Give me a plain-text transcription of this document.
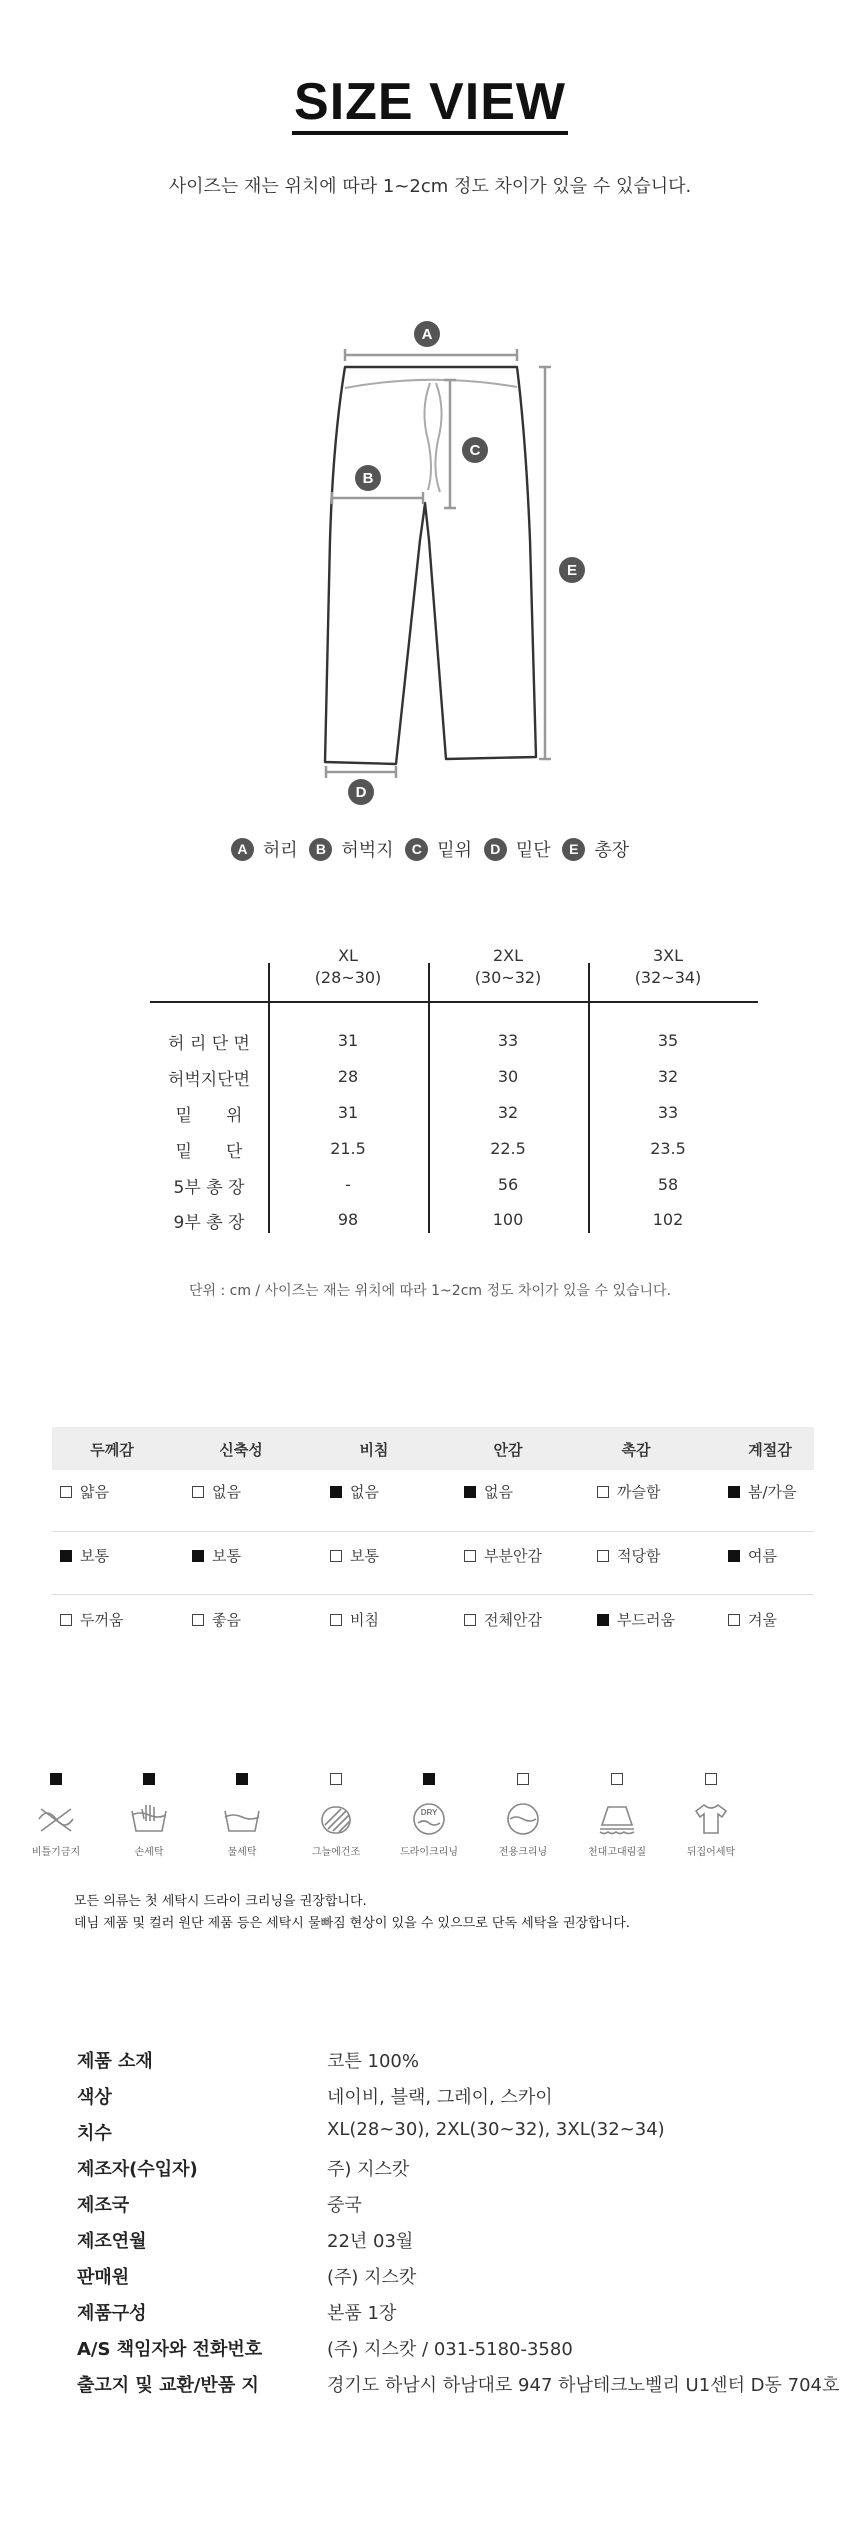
SIZE VIEW
사이즈는 재는 위치에 따라 1~2cm 정도 차이가 있을 수 있습니다.
A
B
C
D
E
A 허리
	B 허벅지
	C 밑위
	D 밑단
	E 총장
XL
(28~30)
2XL
(30~32)
3XL
(32~34)
허 리 단 면	31	33	35
허벅지단면	28	30	32
밑　　위	31	32	33
밑　　단	21.5	22.5	23.5
5부 총 장	-	56	58
9부 총 장	98	100	102
단위 : cm / 사이즈는 재는 위치에 따라 1~2cm 정도 차이가 있을 수 있습니다.
두께감	신축성	비침	안감	촉감	계절감
얇음	없음	없음	없음	까슬함	봄/가을
보통	보통	보통	부분안감	적당함	여름
두꺼움	좋음	비침	전체안감	부드러움	겨울
비틀기금지	손세탁	물세탁	그늘에건조
DRY
드라이크리닝	전용크리닝	천대고대림질	뒤집어세탁
모든 의류는 첫 세탁시 드라이 크리닝을 권장합니다.
데님 제품 및 컬러 원단 제품 등은 세탁시 물빠짐 현상이 있을 수 있으므로 단독 세탁을 권장합니다.
제품 소재	코튼 100%
색상	네이비, 블랙, 그레이, 스카이
치수	XL(28~30), 2XL(30~32), 3XL(32~34)
제조자(수입자)	주) 지스캇
제조국	중국
제조연월	22년 03월
판매원	(주) 지스캇
제품구성	본품 1장
A/S 책임자와 전화번호	(주) 지스캇 / 031-5180-3580
출고지 및 교환/반품 지	경기도 하남시 하남대로 947 하남테크노벨리 U1센터 D동 704호
